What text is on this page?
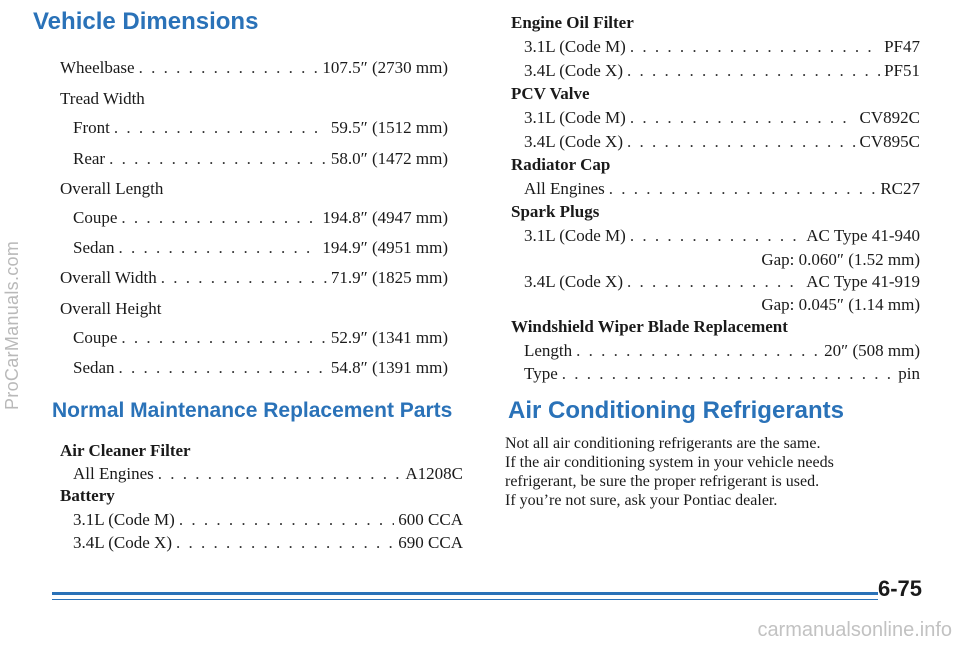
ProCarManuals.com
carmanualsonline.info
Vehicle Dimensions
Wheelbase . . .	107.5″ (2730 mm)
Tread Width
Front . . .	59.5″ (1512 mm)
Rear . . .	58.0″ (1472 mm)
Overall Length
Coupe . . .	194.8″ (4947 mm)
Sedan . . .	194.9″ (4951 mm)
Overall Width . . .	71.9″ (1825 mm)
Overall Height
Coupe . . .	52.9″ (1341 mm)
Sedan . . .	54.8″ (1391 mm)
Normal Maintenance Replacement Parts
Air Cleaner Filter
All Engines . . .	A1208C
Battery
3.1L (Code M) . . .	600 CCA
3.4L (Code X) . . .	690 CCA
Engine Oil Filter
3.1L (Code M) . . .	PF47
3.4L (Code X) . . .	PF51
PCV Valve
3.1L (Code M) . . .	CV892C
3.4L (Code X) . . .	CV895C
Radiator Cap
All Engines . . .	RC27
Spark Plugs
3.1L (Code M) . . .	AC Type 41-940
Gap: 0.060″ (1.52 mm)
3.4L (Code X) . . .	AC Type 41-919
Gap: 0.045″ (1.14 mm)
Windshield Wiper Blade Replacement
Length . . .	20″ (508 mm)
Type . . .	pin
Air Conditioning Refrigerants
Not all air conditioning refrigerants are the same.
If the air conditioning system in your vehicle needs
refrigerant, be sure the proper refrigerant is used.
If you’re not sure, ask your Pontiac dealer.
6-75
